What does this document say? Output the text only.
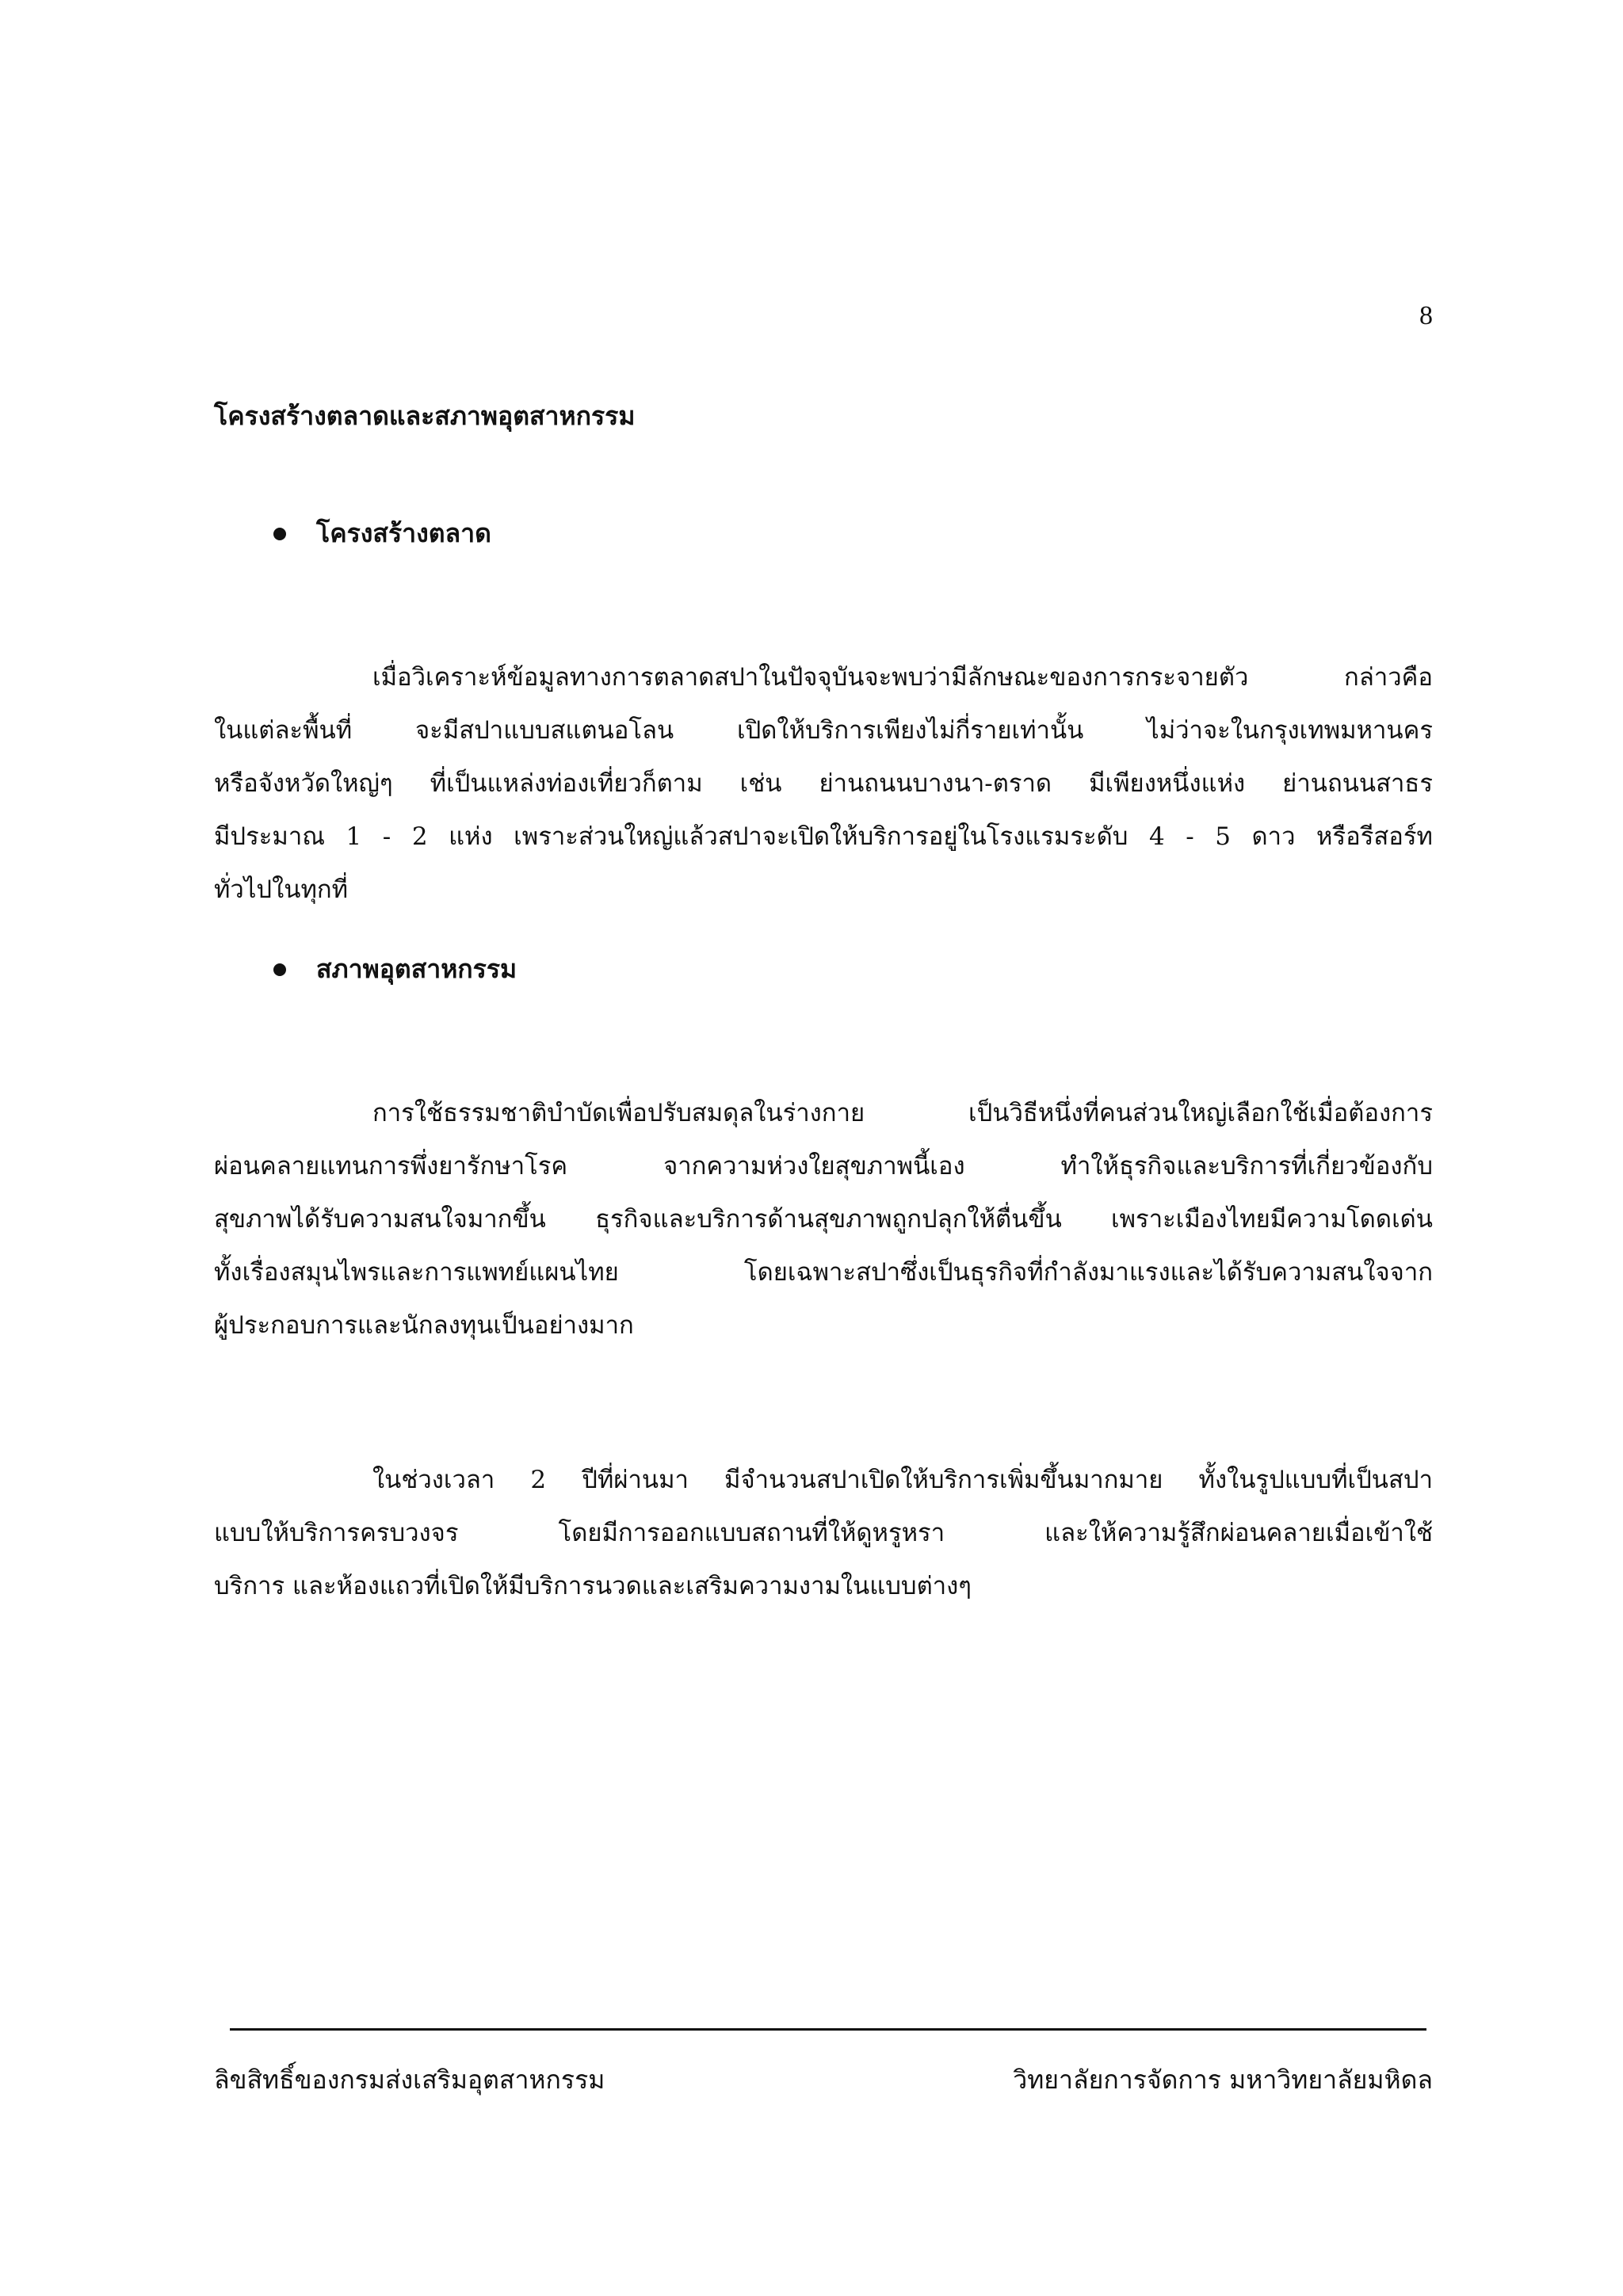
8
โครงสร้างตลาดและสภาพอุตสาหกรรม
โครงสร้างตลาด
เมื่อวิเคราะห์ข้อมูลทางการตลาดสปาในปัจจุบันจะพบว่ามีลักษณะของการกระจายตัว กล่าวคือ
ในแต่ละพื้นที่ จะมีสปาแบบสแตนอโลน เปิดให้บริการเพียงไม่กี่รายเท่านั้น ไม่ว่าจะในกรุงเทพมหานคร
หรือจังหวัดใหญ่ๆ ที่เป็นแหล่งท่องเที่ยวก็ตาม เช่น ย่านถนนบางนา-ตราด มีเพียงหนึ่งแห่ง ย่านถนนสาธร
มีประมาณ 1 - 2 แห่ง เพราะส่วนใหญ่แล้วสปาจะเปิดให้บริการอยู่ในโรงแรมระดับ 4 - 5 ดาว หรือรีสอร์ท
ทั่วไปในทุกที่
สภาพอุตสาหกรรม
การใช้ธรรมชาติบำบัดเพื่อปรับสมดุลในร่างกาย เป็นวิธีหนึ่งที่คนส่วนใหญ่เลือกใช้เมื่อต้องการ
ผ่อนคลายแทนการพึ่งยารักษาโรค จากความห่วงใยสุขภาพนี้เอง ทำให้ธุรกิจและบริการที่เกี่ยวข้องกับ
สุขภาพได้รับความสนใจมากขึ้น ธุรกิจและบริการด้านสุขภาพถูกปลุกให้ตื่นขึ้น เพราะเมืองไทยมีความโดดเด่น
ทั้งเรื่องสมุนไพรและการแพทย์แผนไทย โดยเฉพาะสปาซึ่งเป็นธุรกิจที่กำลังมาแรงและได้รับความสนใจจาก
ผู้ประกอบการและนักลงทุนเป็นอย่างมาก
ในช่วงเวลา 2 ปีที่ผ่านมา มีจำนวนสปาเปิดให้บริการเพิ่มขึ้นมากมาย ทั้งในรูปแบบที่เป็นสปา
แบบให้บริการครบวงจร โดยมีการออกแบบสถานที่ให้ดูหรูหรา และให้ความรู้สึกผ่อนคลายเมื่อเข้าใช้
บริการ และห้องแถวที่เปิดให้มีบริการนวดและเสริมความงามในแบบต่างๆ
ลิขสิทธิ์ของกรมส่งเสริมอุตสาหกรรม	วิทยาลัยการจัดการ มหาวิทยาลัยมหิดล
